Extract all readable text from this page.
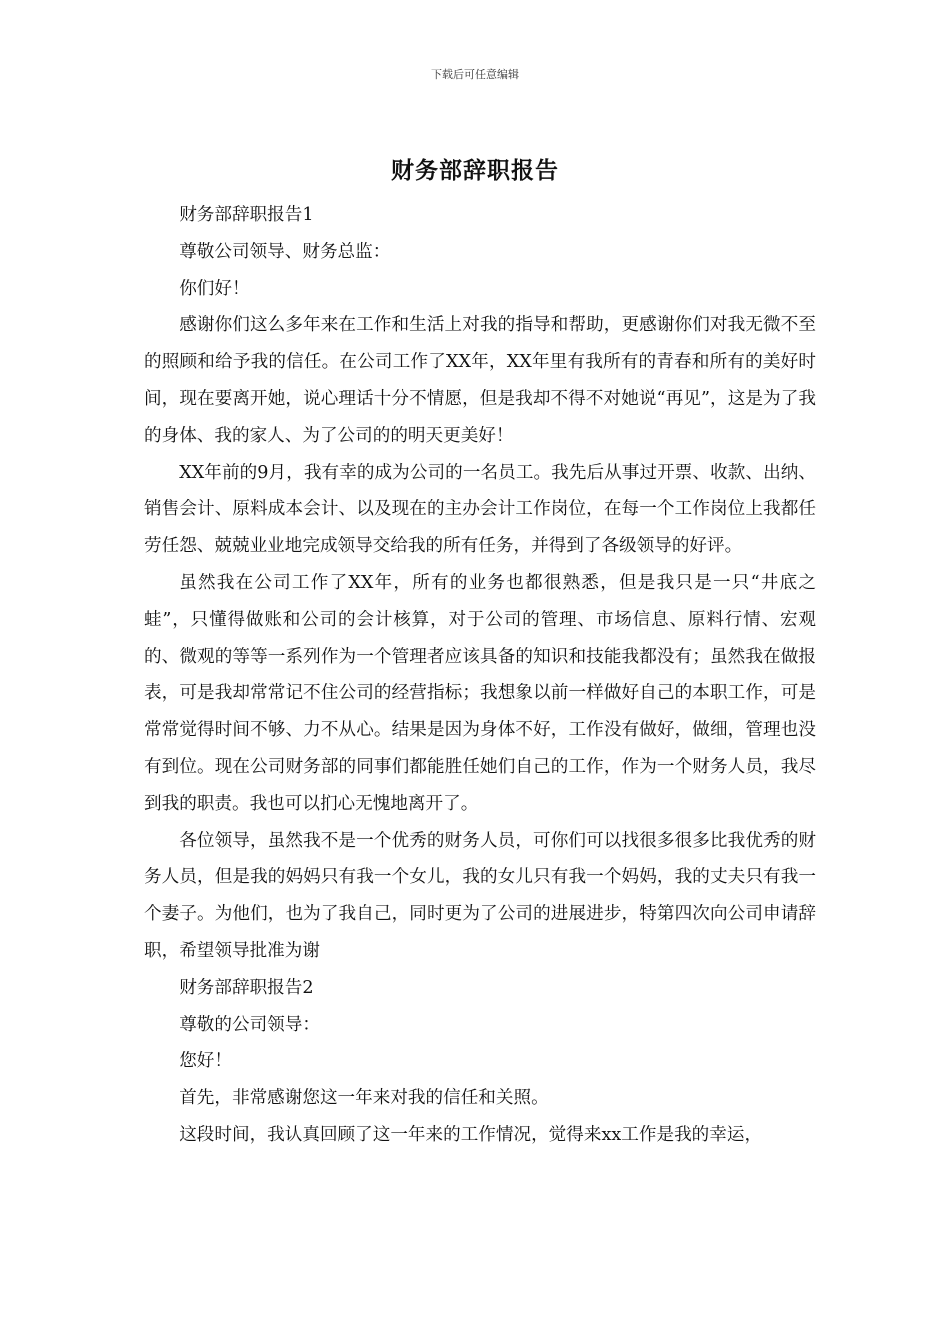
下载后可任意编辑
财务部辞职报告

财务部辞职报告1

尊敬公司领导、财务总监：

你们好！

感谢你们这么多年来在工作和生活上对我的指导和帮助，更感谢你们对我无微不至的照顾和给予我的信任。在公司工作了XX年，XX年里有我所有的青春和所有的美好时间，现在要离开她，说心理话十分不情愿，但是我却不得不对她说“再见”，这是为了我的身体、我的家人、为了公司的的明天更美好！

XX年前的9月，我有幸的成为公司的一名员工。我先后从事过开票、收款、出纳、销售会计、原料成本会计、以及现在的主办会计工作岗位，在每一个工作岗位上我都任劳任怨、兢兢业业地完成领导交给我的所有任务，并得到了各级领导的好评。

虽然我在公司工作了XX年，所有的业务也都很熟悉，但是我只是一只“井底之蛙”，只懂得做账和公司的会计核算，对于公司的管理、市场信息、原料行情、宏观的、微观的等等一系列作为一个管理者应该具备的知识和技能我都没有；虽然我在做报表，可是我却常常记不住公司的经营指标；我想象以前一样做好自己的本职工作，可是常常觉得时间不够、力不从心。结果是因为身体不好，工作没有做好，做细，管理也没有到位。现在公司财务部的同事们都能胜任她们自己的工作，作为一个财务人员，我尽到我的职责。我也可以扪心无愧地离开了。

各位领导，虽然我不是一个优秀的财务人员，可你们可以找很多很多比我优秀的财务人员，但是我的妈妈只有我一个女儿，我的女儿只有我一个妈妈，我的丈夫只有我一个妻子。为他们，也为了我自己，同时更为了公司的进展进步，特第四次向公司申请辞职，希望领导批准为谢

财务部辞职报告2

尊敬的公司领导：

您好！

首先，非常感谢您这一年来对我的信任和关照。

这段时间，我认真回顾了这一年来的工作情况，觉得来xx工作是我的幸运，
